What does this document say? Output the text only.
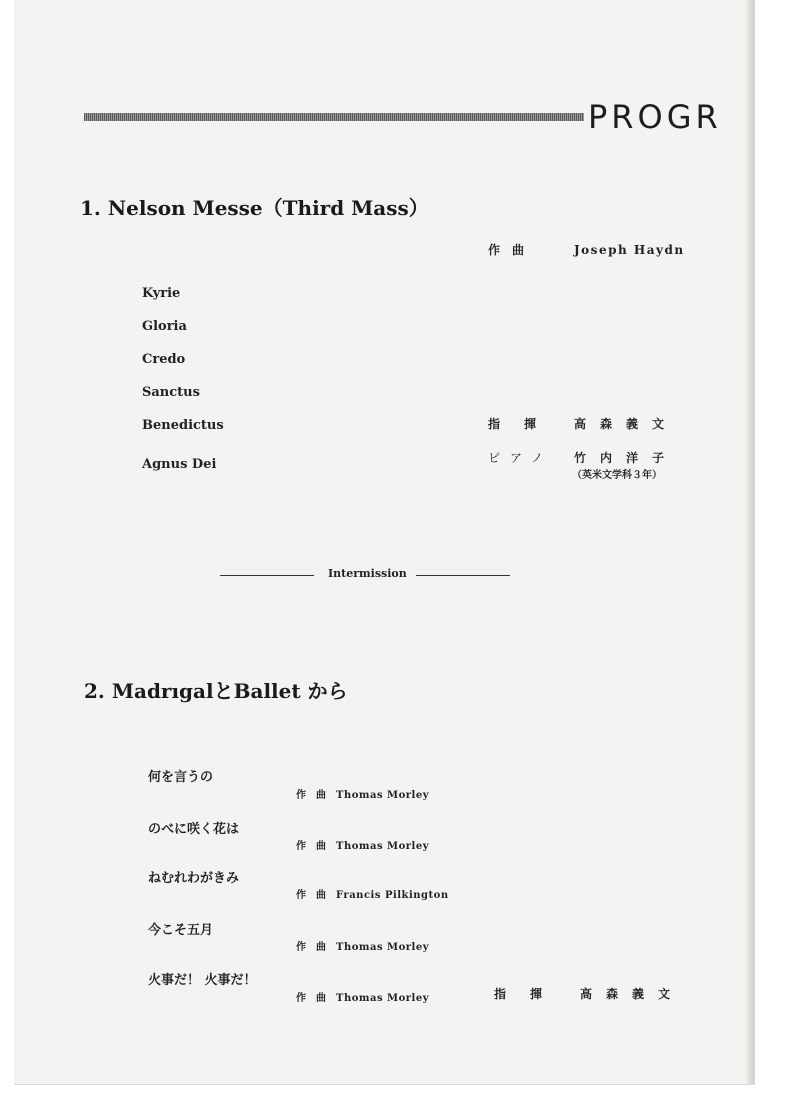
PROGR
1. Nelson Messe（Third Mass）
作曲	Joseph Haydn
Kyrie
Gloria
Credo
Sanctus
Benedictus
Agnus Dei
指揮 高森義文
ピアノ 竹内洋子
（英米文学科３年）
Intermission
2. MadrıgalとBallet から
何を言うの
作曲Thomas Morley
のべに咲く花は
作曲Thomas Morley
ねむれわがきみ
作曲Francis Pilkington
今こそ五月
作曲Thomas Morley
火事だ！ 火事だ！
作曲Thomas Morley	指揮 高森義文
